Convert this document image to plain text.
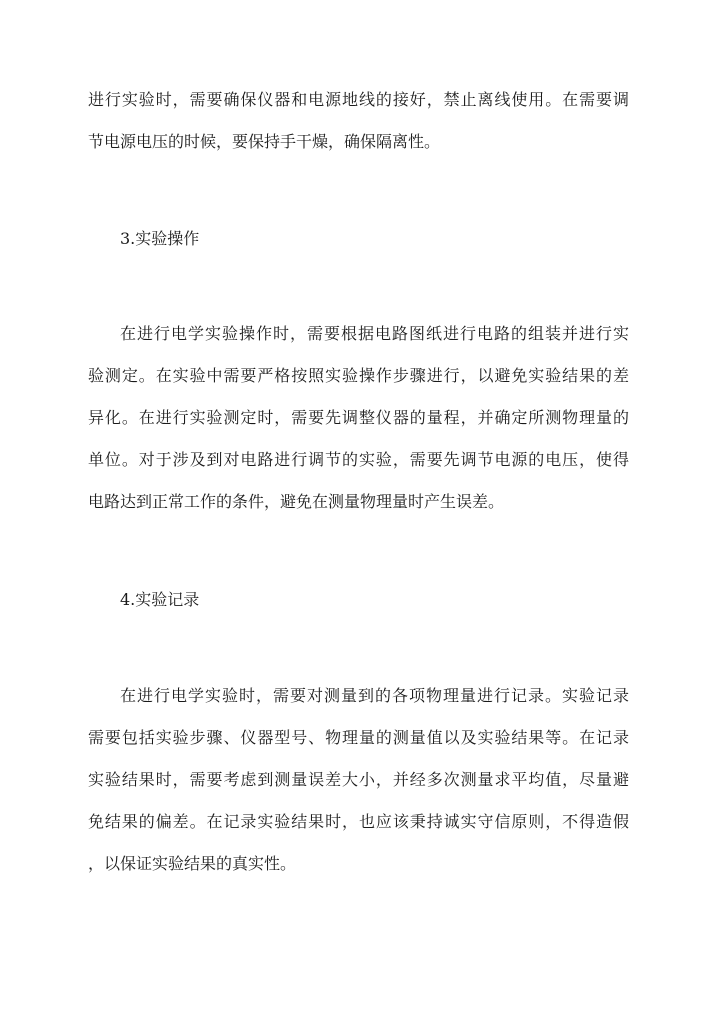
进行实验时，需要确保仪器和电源地线的接好，禁止离线使用。在需要调
节电源电压的时候，要保持手干燥，确保隔离性。
3.实验操作
在进行电学实验操作时，需要根据电路图纸进行电路的组装并进行实
验测定。在实验中需要严格按照实验操作步骤进行，以避免实验结果的差
异化。在进行实验测定时，需要先调整仪器的量程，并确定所测物理量的
单位。对于涉及到对电路进行调节的实验，需要先调节电源的电压，使得
电路达到正常工作的条件，避免在测量物理量时产生误差。
4.实验记录
在进行电学实验时，需要对测量到的各项物理量进行记录。实验记录
需要包括实验步骤、仪器型号、物理量的测量值以及实验结果等。在记录
实验结果时，需要考虑到测量误差大小，并经多次测量求平均值，尽量避
免结果的偏差。在记录实验结果时，也应该秉持诚实守信原则，不得造假
，以保证实验结果的真实性。
